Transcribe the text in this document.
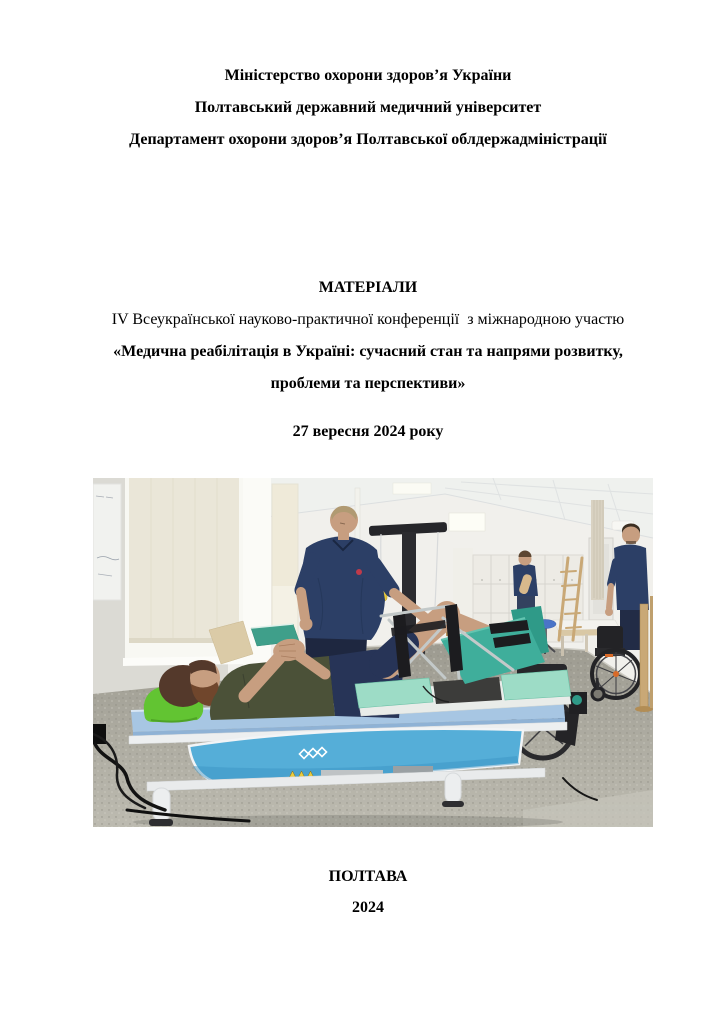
Міністерство охорони здоров’я України
Полтавський державний медичний університет
Департамент охорони здоров’я Полтавської облдержадміністрації
МАТЕРІАЛИ
IV Всеукраїнської науково-практичної конференції  з міжнародною участю
«Медична реабілітація в Україні: сучасний стан та напрями розвитку,
проблеми та перспективи»
27 вересня 2024 року
ПОЛТАВА
2024
